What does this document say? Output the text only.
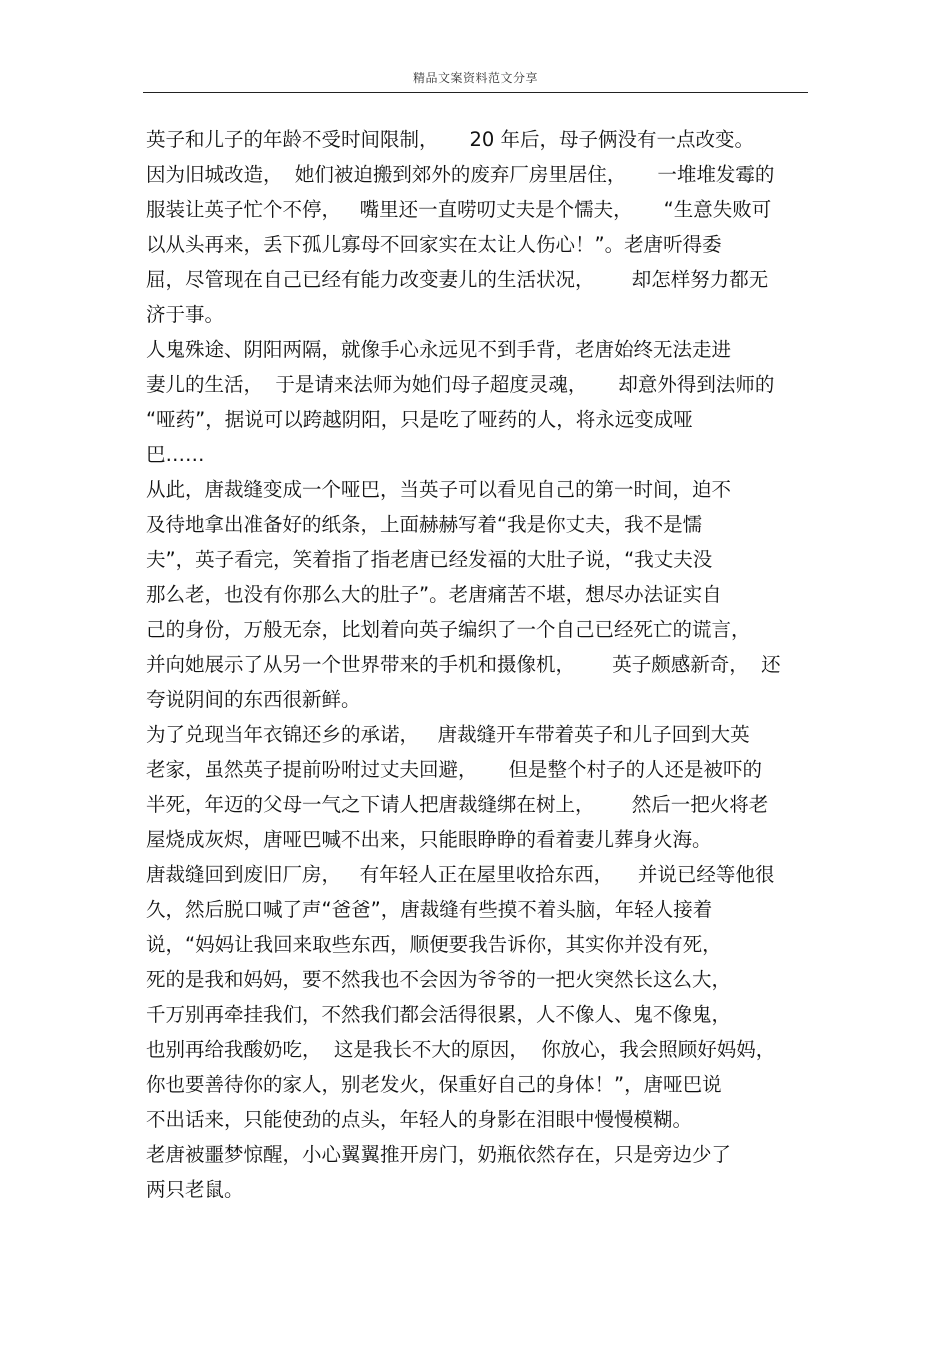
精品文案资料范文分享
英子和儿子的年龄不受时间限制，     20 年后，母子俩没有一点改变。
因为旧城改造，  她们被迫搬到郊外的废弃厂房里居住，     一堆堆发霉的
服装让英子忙个不停，   嘴里还一直唠叨丈夫是个懦夫，     “生意失败可
以从头再来，丢下孤儿寡母不回家实在太让人伤心！”。老唐听得委
屈，尽管现在自己已经有能力改变妻儿的生活状况，      却怎样努力都无
济于事。
人鬼殊途、阴阳两隔，就像手心永远见不到手背，老唐始终无法走进
妻儿的生活，  于是请来法师为她们母子超度灵魂，     却意外得到法师的
“哑药”，据说可以跨越阴阳，只是吃了哑药的人，将永远变成哑
巴……
从此，唐裁缝变成一个哑巴，当英子可以看见自己的第一时间，迫不
及待地拿出准备好的纸条，上面赫赫写着“我是你丈夫，我不是懦
夫”，英子看完，笑着指了指老唐已经发福的大肚子说，“我丈夫没
那么老，也没有你那么大的肚子”。老唐痛苦不堪，想尽办法证实自
己的身份，万般无奈，比划着向英子编织了一个自己已经死亡的谎言，
并向她展示了从另一个世界带来的手机和摄像机，      英子颇感新奇，  还
夸说阴间的东西很新鲜。
为了兑现当年衣锦还乡的承诺，   唐裁缝开车带着英子和儿子回到大英
老家，虽然英子提前吩咐过丈夫回避，     但是整个村子的人还是被吓的
半死，年迈的父母一气之下请人把唐裁缝绑在树上，      然后一把火将老
屋烧成灰烬，唐哑巴喊不出来，只能眼睁睁的看着妻儿葬身火海。
唐裁缝回到废旧厂房，   有年轻人正在屋里收拾东西，    并说已经等他很
久，然后脱口喊了声“爸爸”，唐裁缝有些摸不着头脑，年轻人接着
说，“妈妈让我回来取些东西，顺便要我告诉你，其实你并没有死，
死的是我和妈妈，要不然我也不会因为爷爷的一把火突然长这么大，
千万别再牵挂我们，不然我们都会活得很累，人不像人、鬼不像鬼，
也别再给我酸奶吃，  这是我长不大的原因，  你放心，我会照顾好妈妈，
你也要善待你的家人，别老发火，保重好自己的身体！”，唐哑巴说
不出话来，只能使劲的点头，年轻人的身影在泪眼中慢慢模糊。
老唐被噩梦惊醒，小心翼翼推开房门，奶瓶依然存在，只是旁边少了
两只老鼠。
